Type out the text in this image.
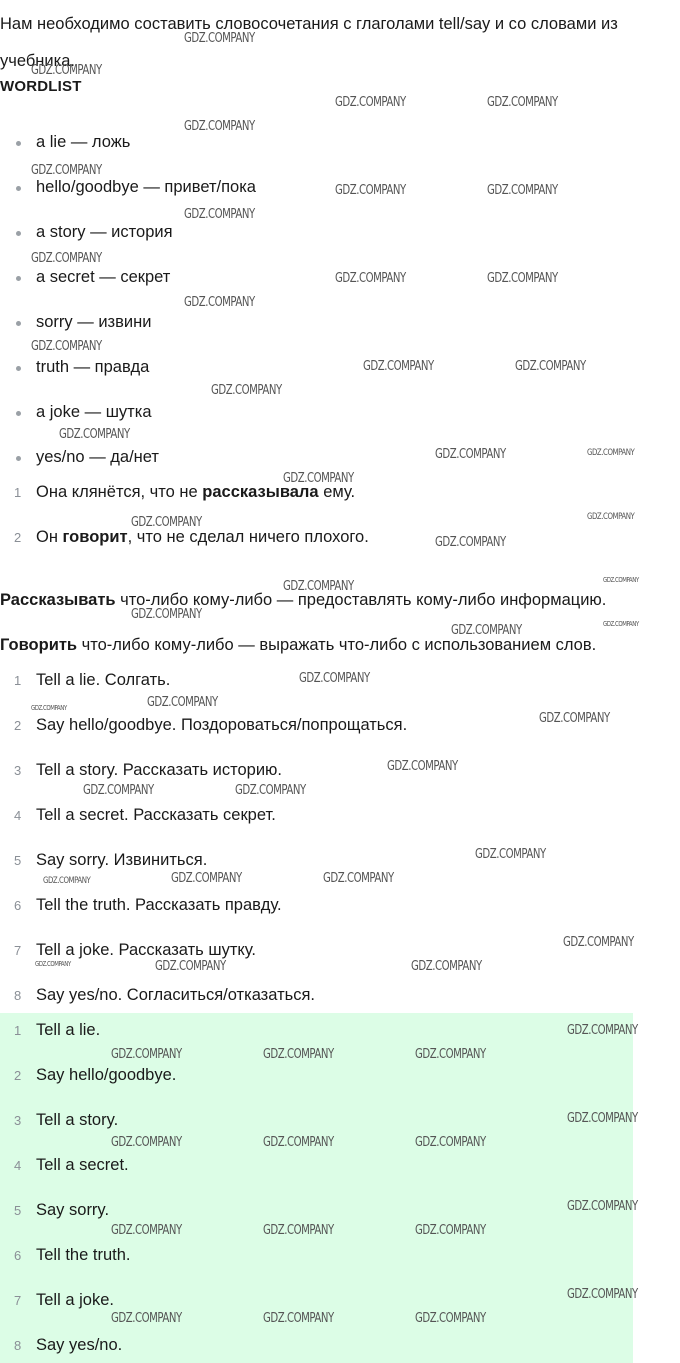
Нам необходимо составить словосочетания с глаголами tell/say и со словами из учебника.

WORDLIST
a lie — ложь
hello/goodbye — привет/пока
a story — история
a secret — секрет
sorry — извини
truth — правда
a joke — шутка
yes/no — да/нет
1 Она клянётся, что не рассказывала ему.
2 Он говорит, что не сделал ничего плохого.
Рассказывать что-либо кому-либо — предоставлять кому-либо информацию.
Говорить что-либо кому-либо — выражать что-либо с использованием слов.
1 Tell a lie. Солгать.
2 Say hello/goodbye. Поздороваться/попрощаться.
3 Tell a story. Рассказать историю.
4 Tell a secret. Рассказать секрет.
5 Say sorry. Извиниться.
6 Tell the truth. Рассказать правду.
7 Tell a joke. Рассказать шутку.
8 Say yes/no. Согласиться/отказаться.
1 Tell a lie.
2 Say hello/goodbye.
3 Tell a story.
4 Tell a secret.
5 Say sorry.
6 Tell the truth.
7 Tell a joke.
8 Say yes/no.
GDZ.COMPANY
GDZ.COMPANY
GDZ.COMPANY	GDZ.COMPANY
GDZ.COMPANY
GDZ.COMPANY
GDZ.COMPANY	GDZ.COMPANY
GDZ.COMPANY
GDZ.COMPANY
GDZ.COMPANY	GDZ.COMPANY
GDZ.COMPANY
GDZ.COMPANY
GDZ.COMPANY	GDZ.COMPANY
GDZ.COMPANY
GDZ.COMPANY
GDZ.COMPANY	GDZ.COMPANY
GDZ.COMPANY
GDZ.COMPANY
GDZ.COMPANY
GDZ.COMPANY
GDZ.COMPANY
GDZ.COMPANY
GDZ.COMPANY
GDZ.COMPANY
GDZ.COMPANY
GDZ.COMPANY
GDZ.COMPANY
GDZ.COMPANY
GDZ.COMPANY
GDZ.COMPANY
GDZ.COMPANY	GDZ.COMPANY
GDZ.COMPANY
GDZ.COMPANY	GDZ.COMPANY
GDZ.COMPANY
GDZ.COMPANY
GDZ.COMPANY	GDZ.COMPANY
GDZ.COMPANY
GDZ.COMPANY
GDZ.COMPANY	GDZ.COMPANY	GDZ.COMPANY
GDZ.COMPANY
GDZ.COMPANY	GDZ.COMPANY	GDZ.COMPANY
GDZ.COMPANY
GDZ.COMPANY	GDZ.COMPANY	GDZ.COMPANY
GDZ.COMPANY
GDZ.COMPANY	GDZ.COMPANY	GDZ.COMPANY
